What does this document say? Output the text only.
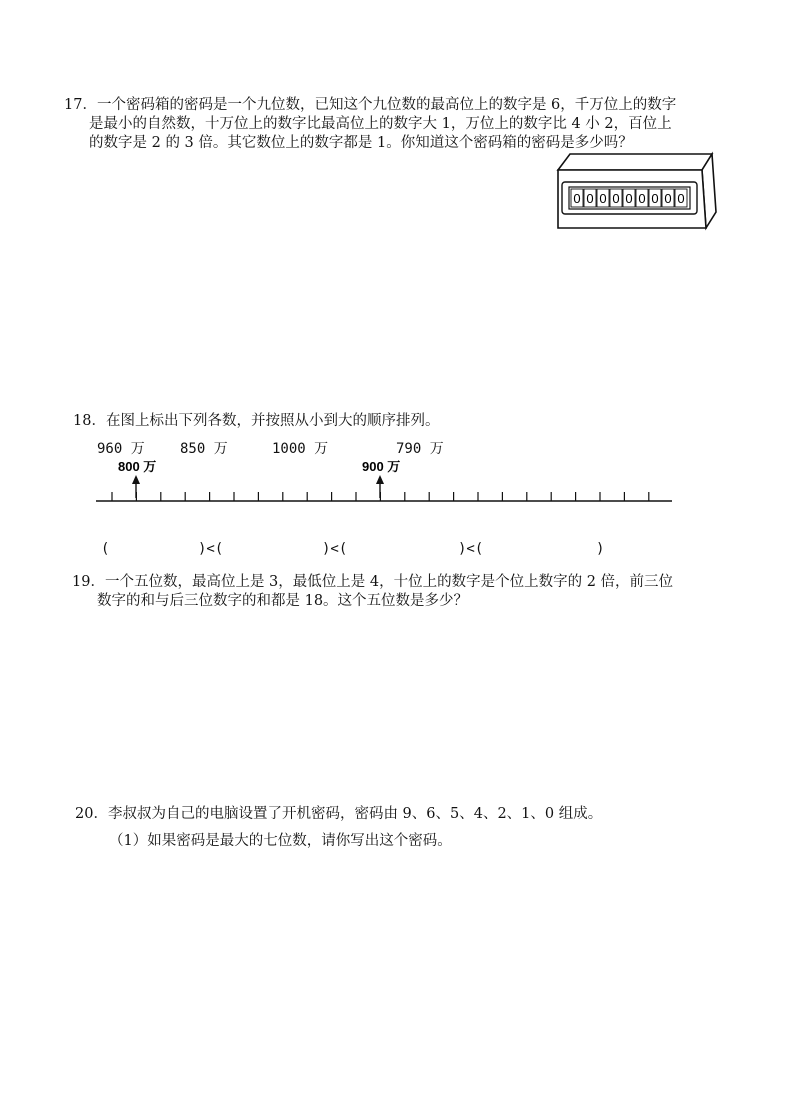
17．一个密码箱的密码是一个九位数，已知这个九位数的最高位上的数字是 6，千万位上的数字
是最小的自然数，十万位上的数字比最高位上的数字大 1，万位上的数字比 4 小 2，百位上
的数字是 2 的 3 倍。其它数位上的数字都是 1。你知道这个密码箱的密码是多少吗？
0 0 0 0 0 0 0 0 0
18．在图上标出下列各数，并按照从小到大的顺序排列。
960 万	850 万	1000 万	790 万
800 万	900 万
(	)<(	)<(	)<(	)
19．一个五位数，最高位上是 3，最低位上是 4，十位上的数字是个位上数字的 2 倍，前三位
数字的和与后三位数字的和都是 18。这个五位数是多少？
20．李叔叔为自己的电脑设置了开机密码，密码由 9、6、5、4、2、1、0 组成。
（1）如果密码是最大的七位数，请你写出这个密码。
